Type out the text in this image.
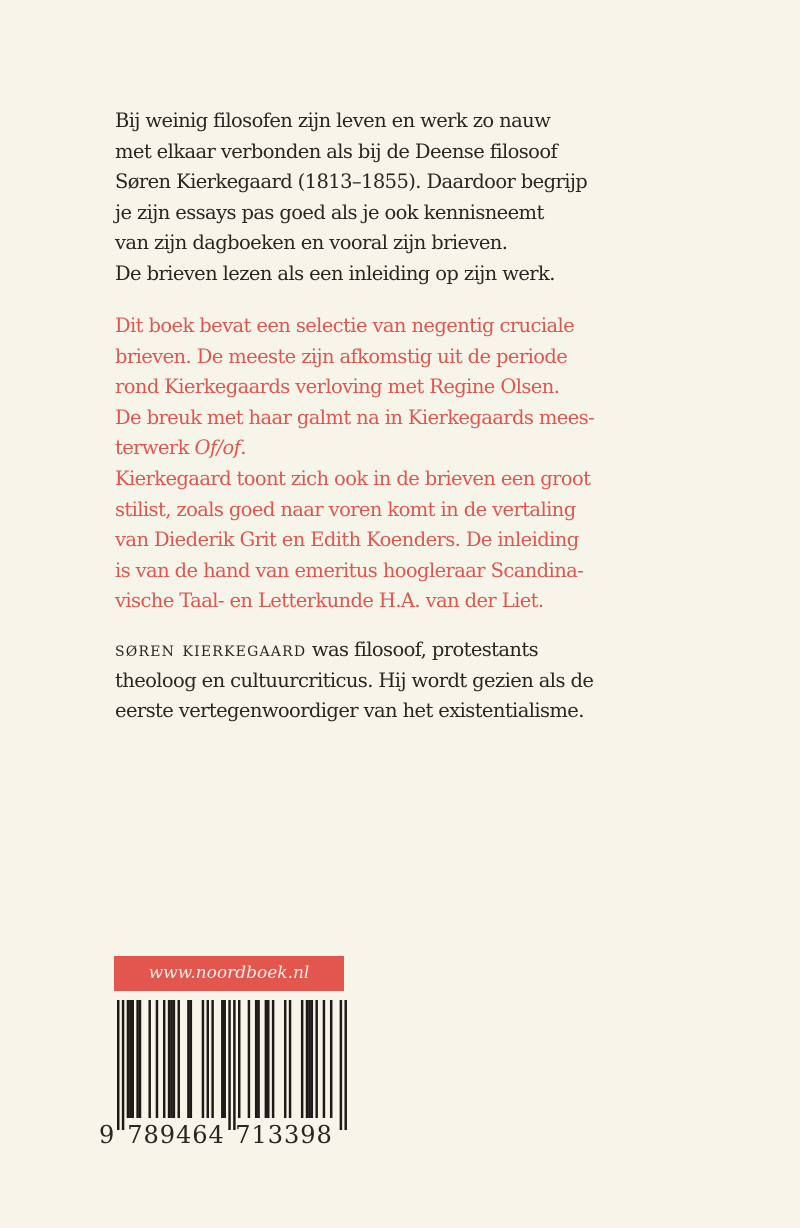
Bij weinig filosofen zijn leven en werk zo nauw
met elkaar verbonden als bij de Deense filosoof
Søren Kierkegaard (1813–1855). Daardoor begrijp
je zijn essays pas goed als je ook kennisneemt
van zijn dagboeken en vooral zijn brieven.
De brieven lezen als een inleiding op zijn werk.
Dit boek bevat een selectie van negentig cruciale
brieven. De meeste zijn afkomstig uit de periode
rond Kierkegaards verloving met Regine Olsen.
De breuk met haar galmt na in Kierkegaards mees-
terwerk Of/of.
Kierkegaard toont zich ook in de brieven een groot
stilist, zoals goed naar voren komt in de vertaling
van Diederik Grit en Edith Koenders. De inleiding
is van de hand van emeritus hoogleraar Scandina-
vische Taal- en Letterkunde H.A. van der Liet.
søren kierkegaard was filosoof, protestants
theoloog en cultuurcriticus. Hij wordt gezien als de
eerste vertegenwoordiger van het existentialisme.
www.noordboek.nl
9 789464 713398
